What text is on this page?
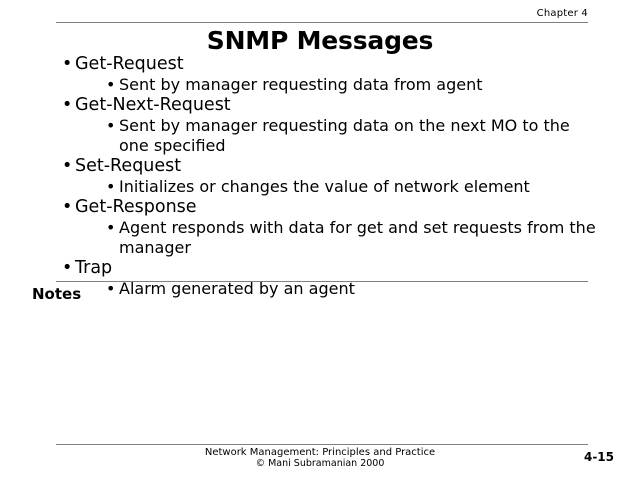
Chapter 4
SNMP Messages
• Get-Request
• Sent by manager requesting data from agent
• Get-Next-Request
• Sent by manager requesting data on the next MO to the one specified
• Set-Request
• Initializes or changes the value of network element
• Get-Response
• Agent responds with data for get and set requests from the manager
• Trap
• Alarm generated by an agent
Notes
Network Management: Principles and Practice
© Mani Subramanian 2000	4-15
